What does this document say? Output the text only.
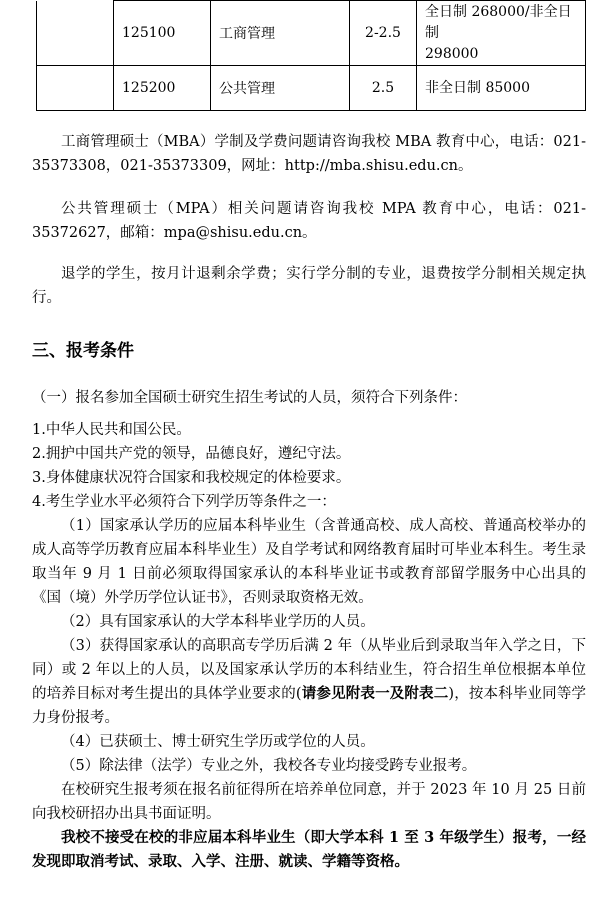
	125100	工商管理	2-2.5	全日制 268000/非全日制
298000
	125200	公共管理	2.5	非全日制 85000

工商管理硕士（MBA）学制及学费问题请咨询我校 MBA 教育中心，电话：021-35373308，021-35373309，网址：http://mba.shisu.edu.cn。

公共管理硕士（MPA）相关问题请咨询我校 MPA 教育中心，电话：021-35372627，邮箱：mpa@shisu.edu.cn。

退学的学生，按月计退剩余学费；实行学分制的专业，退费按学分制相关规定执行。

三、报考条件

（一）报名参加全国硕士研究生招生考试的人员，须符合下列条件：

1.中华人民共和国公民。

2.拥护中国共产党的领导，品德良好，遵纪守法。

3.身体健康状况符合国家和我校规定的体检要求。

4.考生学业水平必须符合下列学历等条件之一：

（1）国家承认学历的应届本科毕业生（含普通高校、成人高校、普通高校举办的成人高等学历教育应届本科毕业生）及自学考试和网络教育届时可毕业本科生。考生录取当年 9 月 1 日前必须取得国家承认的本科毕业证书或教育部留学服务中心出具的《国（境）外学历学位认证书》，否则录取资格无效。

（2）具有国家承认的大学本科毕业学历的人员。

（3）获得国家承认的高职高专学历后满 2 年（从毕业后到录取当年入学之日，下同）或 2 年以上的人员，以及国家承认学历的本科结业生，符合招生单位根据本单位的培养目标对考生提出的具体学业要求的(请参见附表一及附表二)，按本科毕业同等学力身份报考。

（4）已获硕士、博士研究生学历或学位的人员。

（5）除法律（法学）专业之外，我校各专业均接受跨专业报考。

在校研究生报考须在报名前征得所在培养单位同意，并于 2023 年 10 月 25 日前向我校研招办出具书面证明。

我校不接受在校的非应届本科毕业生（即大学本科 1 至 3 年级学生）报考，一经发现即取消考试、录取、入学、注册、就读、学籍等资格。
